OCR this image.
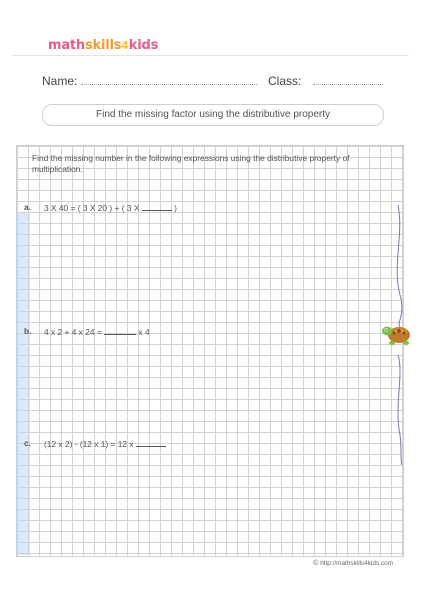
mathskills4kids
Name:	Class:
Find the missing factor using the distributive property
Find the missing number in the following expressions using the distributive property of multiplication.
a. 3 X 40 = ( 3 X 20 ) + ( 3 X	)
b. 4 x 2 + 4 x 24 =	x 4
c. (12 x 2) - (12 x 1) = 12 x
© http://mathskills4kids.com
